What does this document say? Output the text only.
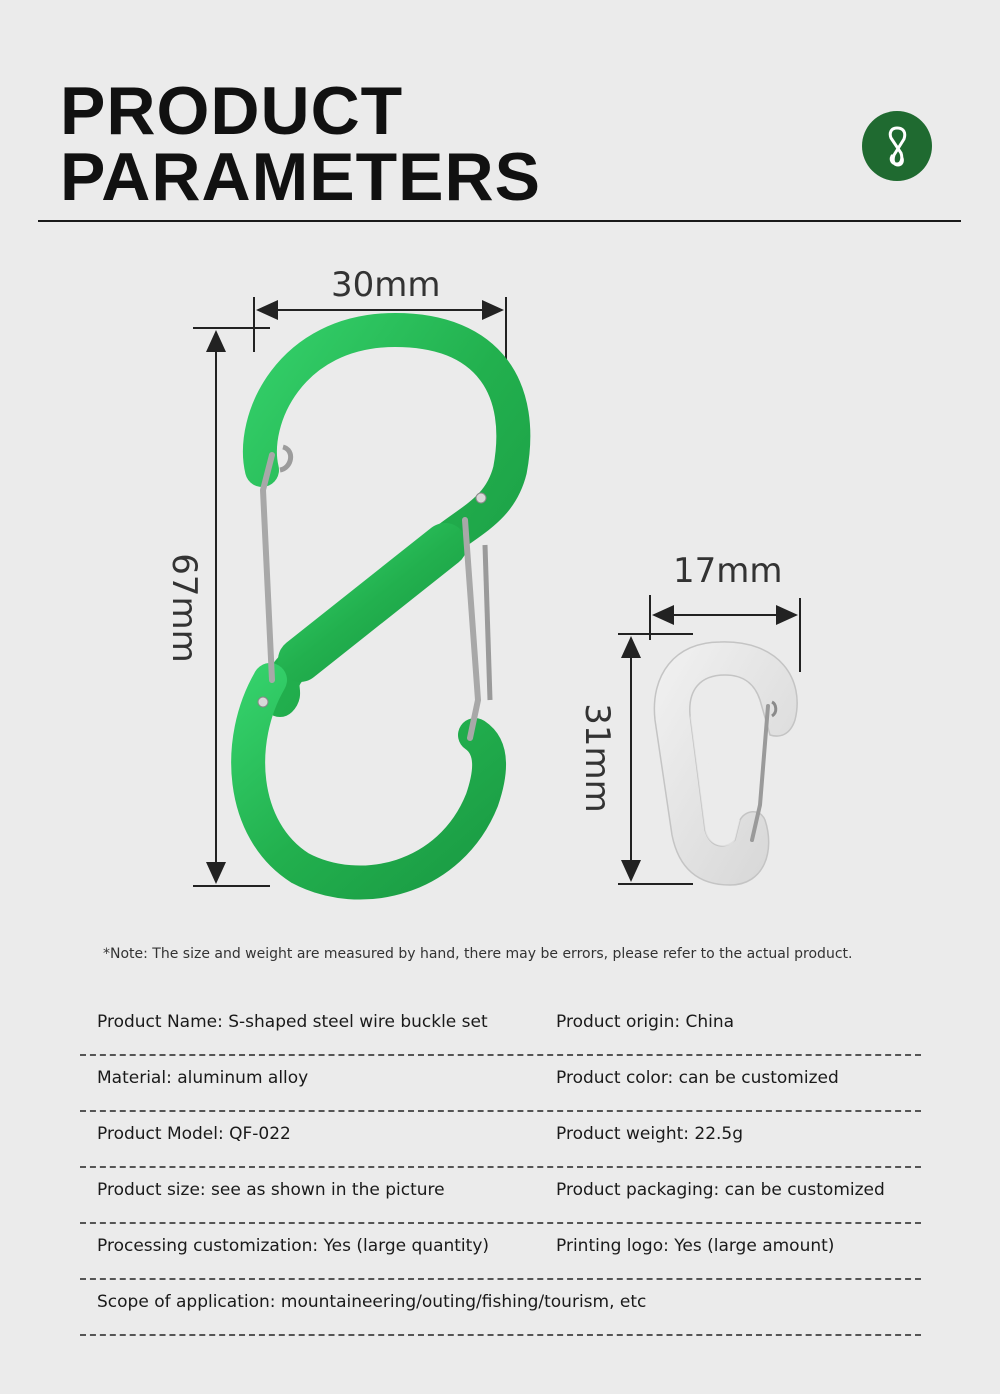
PRODUCT
PARAMETERS
30mm
67mm	17mm
31mm
*Note: The size and weight are measured by hand, there may be errors, please refer to the actual product.
Product Name: S-shaped steel wire buckle set	Product origin: China
Material: aluminum alloy	Product color: can be customized
Product Model: QF-022	Product weight: 22.5g
Product size: see as shown in the picture	Product packaging: can be customized
Processing customization: Yes (large quantity)	Printing logo: Yes (large amount)
Scope of application: mountaineering/outing/fishing/tourism, etc
